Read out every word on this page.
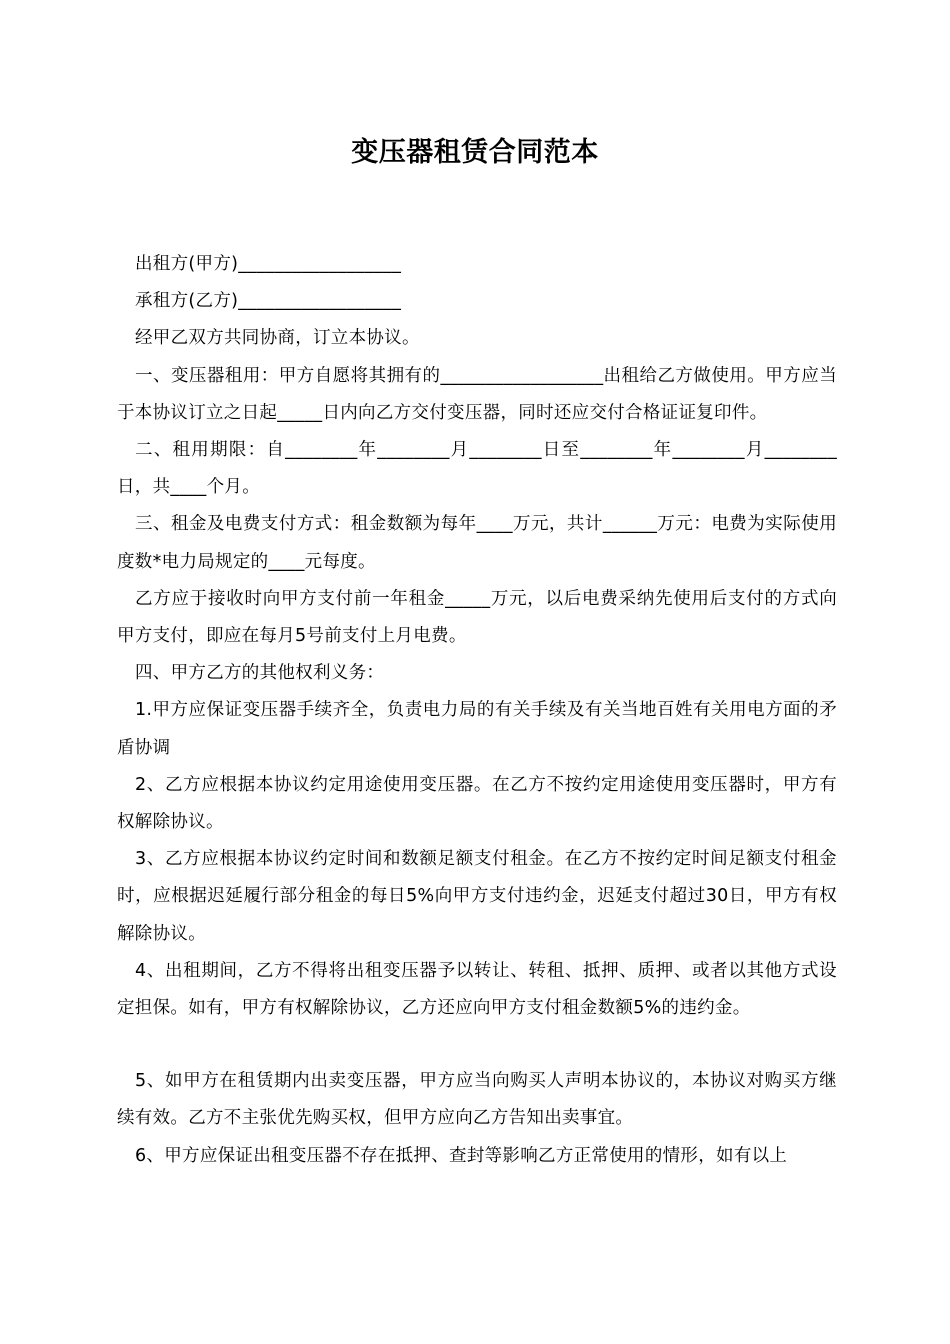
变压器租赁合同范本

出租方(甲方)__________________

承租方(乙方)__________________

经甲乙双方共同协商，订立本协议。

一、变压器租用：甲方自愿将其拥有的__________________出租给乙方做使用。甲方应当于本协议订立之日起_____日内向乙方交付变压器，同时还应交付合格证证复印件。

二、租用期限：自________年________月________日至________年________月________日，共____个月。

三、租金及电费支付方式：租金数额为每年____万元，共计______万元：电费为实际使用度数*电力局规定的____元每度。

乙方应于接收时向甲方支付前一年租金_____万元，以后电费采纳先使用后支付的方式向甲方支付，即应在每月5号前支付上月电费。

四、甲方乙方的其他权利义务：

1.甲方应保证变压器手续齐全，负责电力局的有关手续及有关当地百姓有关用电方面的矛盾协调

2、乙方应根据本协议约定用途使用变压器。在乙方不按约定用途使用变压器时，甲方有权解除协议。

3、乙方应根据本协议约定时间和数额足额支付租金。在乙方不按约定时间足额支付租金时，应根据迟延履行部分租金的每日5%向甲方支付违约金，迟延支付超过30日，甲方有权解除协议。

4、出租期间，乙方不得将出租变压器予以转让、转租、抵押、质押、或者以其他方式设定担保。如有，甲方有权解除协议，乙方还应向甲方支付租金数额5%的违约金。

5、如甲方在租赁期内出卖变压器，甲方应当向购买人声明本协议的，本协议对购买方继续有效。乙方不主张优先购买权，但甲方应向乙方告知出卖事宜。

6、甲方应保证出租变压器不存在抵押、查封等影响乙方正常使用的情形，如有以上
